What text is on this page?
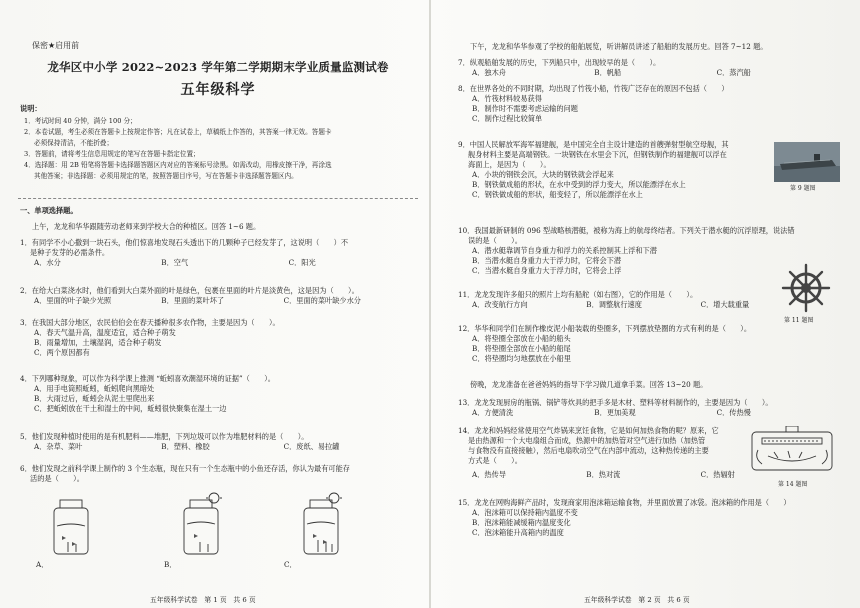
保密★启用前
龙华区中小学 2022~2023 学年第二学期期末学业质量监测试卷
五年级科学
说明：
1．考试时间 40 分钟，满分 100 分；
2．本卷试题，考生必须在答题卡上按规定作答；凡在试卷上，草稿纸上作答的，其答案一律无效。答题卡
必须保持清洁，不能折叠；
3．答题前，请将考生信息用规定的笔写在答题卡指定位置；
4．选择题：用 2B 铅笔将答题卡选择题答题区内对应的答案标号涂黑。如需改动，用橡皮擦干净，再涂选
其他答案；非选择题：必须用规定的笔，按照答题目序号，写在答题卡非选择题答题区内。
一、单项选择题。
上午，龙龙和华华跟随劳动老师来到学校大合的种植区。回答 1~6 题。
1．有同学不小心撒到一块石头，他们惊喜地发现石头透出下的几颗种子已经发芽了，这说明（　　）不
是种子发芽的必需条件。
A．水分	B．空气	C．阳光
2．在给大白菜浇水时，他们看到大白菜外面的叶是绿色，包裹在里面的叶片是淡黄色，这是因为（　　）。
A．里面的叶子缺少光照	B．里面的菜叶坏了	C．里面的菜叶缺少水分
3．在我国大部分地区，农民伯伯会在春天播种很多农作物，主要是因为（　　）。
A．春天气温升高，温度适宜，适合种子萌发
B．雨量增加，土壤湿润，适合种子萌发
C．两个原因都有
4．下列哪种现象，可以作为科学课上推测 “蚯蚓喜欢潮湿环境的证据”（　　）。
A．用手电筒照蚯蚓，蚯蚓爬向黑暗处
B．大雨过后，蚯蚓会从泥土里爬出来
C．把蚯蚓放在干土和湿土的中间，蚯蚓很快聚集在湿土一边
5．他们发现种植时使用的是有机肥料——堆肥，下列垃圾可以作为堆肥材料的是（　　）。
A．杂草、菜叶	B．塑料、橡胶	C．废纸、易拉罐
6．他们发现之前科学课上制作的 3 个生态瓶，现在只有一个生态瓶中的小鱼还存活，你认为最有可能存
活的是（　　）。
A．	B．	C．
五年级科学试卷　第 1 页　共 6 页
下午，龙龙和华华参观了学校的船舶展览，听讲解员讲述了船舶的发展历史。回答 7~12 题。
7．纵观船舶发展的历史，下列船只中，出现较早的是（　　）。
A．独木舟	B．帆船	C．蒸汽船
8．在世界各处的不同时期，均出现了竹筏小船，竹筏广泛存在的原因不包括（　　）
A．竹筏材料较易获得
B．制作时不需要考虑运输的问题
C．制作过程比较简单
9．中国人民解放军海军福建舰，是中国完全自主设计建造的首艘弹射型航空母舰，其
舰身材料主要是高端钢铁。一块钢铁在水里会下沉，但钢铁制作的福建舰可以浮在
海面上，是因为（　　）。
A．小块的钢铁会沉，大块的钢铁就会浮起来
B．钢铁做成船的形状，在水中受到的浮力变大，所以能漂浮在水上
C．钢铁做成船的形状，船变轻了，所以能漂浮在水上
第 9 题图
10．我国最新研制的 096 型战略核潜艇，被称为海上的航母终结者。下列关于潜水艇的沉浮原理，说法错
误的是（　　）。
A．潜水艇靠调节自身重力和浮力的关系控制其上浮和下潜
B．当潜水艇自身重力大于浮力时，它将会下潜
C．当潜水艇自身重力大于浮力时，它将会上浮
第 11 题图
11．龙龙发现许多船只的照片上均有船舵（如右图），它的作用是（　　）。
A．改变航行方向	B．调整航行速度	C．增大载重量
12．华华和同学们在制作橡皮泥小船装载的垫圈多，下列摆放垫圈的方式有利的是（　　）。
A．将垫圈全部放在小船的船头
B．将垫圈全部放在小船的船尾
C．将垫圈均匀地摆放在小船里
傍晚，龙龙准备在爸爸妈妈的指导下学习做几道拿手菜。回答 13~20 题。
13．龙龙发现厨房的瓶锅、锅铲等炊具的把手多是木材、塑料等材料制作的，主要是因为（　　）。
A．方便清洗	B．更加美观	C．传热慢
14．龙龙和妈妈经常使用空气炸锅来烹饪食物，它是如何加热食物的呢？原来，它
是由热源和一个大电扇组合而成，热源中的加热管对空气进行加热（加热管
与食物没有直接接触），然后电扇吹动空气在内部中流动，这种热传递的主要
方式是（　　）。
A．热传导	B．热对流	C．热辐射
第 14 题图
15．龙龙在网购海鲜产品时，发现商家用泡沫箱运输食物，并里面放置了冰袋。泡沫箱的作用是（　　）
A．泡沫箱可以保持箱内温度不变
B．泡沫箱能减缓箱内温度变化
C．泡沫箱能升高箱内的温度
五年级科学试卷　第 2 页　共 6 页
